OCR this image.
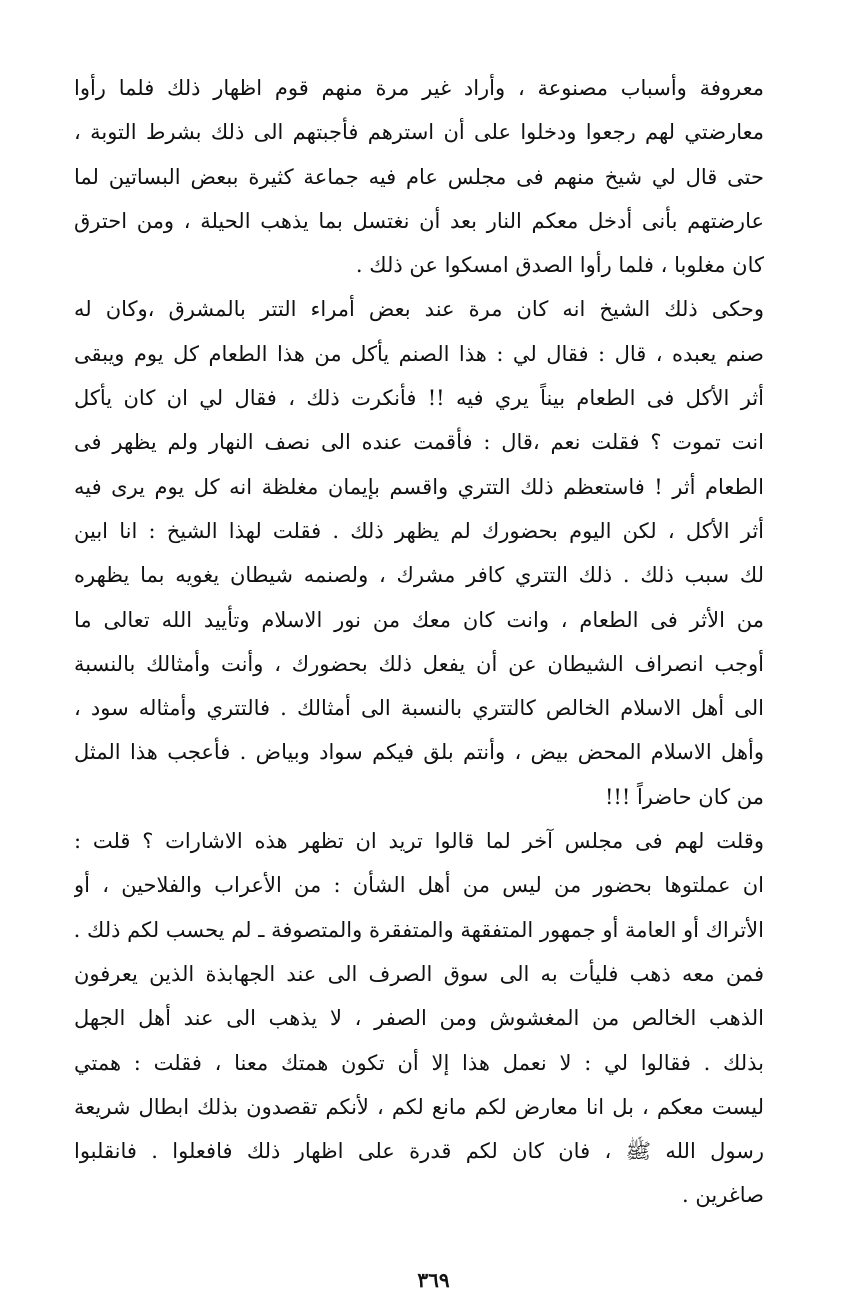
معروفة وأسباب مصنوعة ، وأراد غير مرة منهم قوم اظهار ذلك فلما رأوا
معارضتي لهم رجعوا ودخلوا على أن استرهم فأجبتهم الى ذلك بشرط التوبة ،
حتى قال لي شيخ منهم فى مجلس عام فيه جماعة كثيرة ببعض البساتين لما
عارضتهم بأنى أدخل معكم النار بعد أن نغتسل بما يذهب الحيلة ، ومن احترق
كان مغلوبا ، فلما رأوا الصدق امسكوا عن ذلك .
وحكى ذلك الشيخ انه كان مرة عند بعض أمراء التتر بالمشرق ،وكان له
صنم يعبده ، قال : فقال لي : هذا الصنم يأكل من هذا الطعام كل يوم ويبقى
أثر الأكل فى الطعام بيناً يري فيه !! فأنكرت ذلك ، فقال لي ان كان يأكل
انت تموت ؟ فقلت نعم ،قال : فأقمت عنده الى نصف النهار ولم يظهر فى
الطعام أثر ! فاستعظم ذلك التتري واقسم بإيمان مغلظة انه كل يوم يرى فيه
أثر الأكل ، لكن اليوم بحضورك لم يظهر ذلك . فقلت لهذا الشيخ : انا ابين
لك سبب ذلك . ذلك التتري كافر مشرك ، ولصنمه شيطان يغويه بما يظهره
من الأثر فى الطعام ، وانت كان معك من نور الاسلام وتأييد الله تعالى ما
أوجب انصراف الشيطان عن أن يفعل ذلك بحضورك ، وأنت وأمثالك بالنسبة
الى أهل الاسلام الخالص كالتتري بالنسبة الى أمثالك . فالتتري وأمثاله سود ،
وأهل الاسلام المحض بيض ، وأنتم بلق فيكم سواد وبياض . فأعجب هذا المثل
من كان حاضراً !!!
وقلت لهم فى مجلس آخر لما قالوا تريد ان تظهر هذه الاشارات ؟ قلت :
ان عملتوها بحضور من ليس من أهل الشأن : من الأعراب والفلاحين ، أو
الأتراك أو العامة أو جمهور المتفقهة والمتفقرة والمتصوفة ـ لم يحسب لكم ذلك .
فمن معه ذهب فليأت به الى سوق الصرف الى عند الجهابذة الذين يعرفون
الذهب الخالص من المغشوش ومن الصفر ، لا يذهب الى عند أهل الجهل
بذلك . فقالوا لي : لا نعمل هذا إلا أن تكون همتك معنا ، فقلت : همتي
ليست معكم ، بل انا معارض لكم مانع لكم ، لأنكم تقصدون بذلك ابطال شريعة
رسول الله ﷺ ، فان كان لكم قدرة على اظهار ذلك فافعلوا . فانقلبوا
صاغرين .
٣٦٩
